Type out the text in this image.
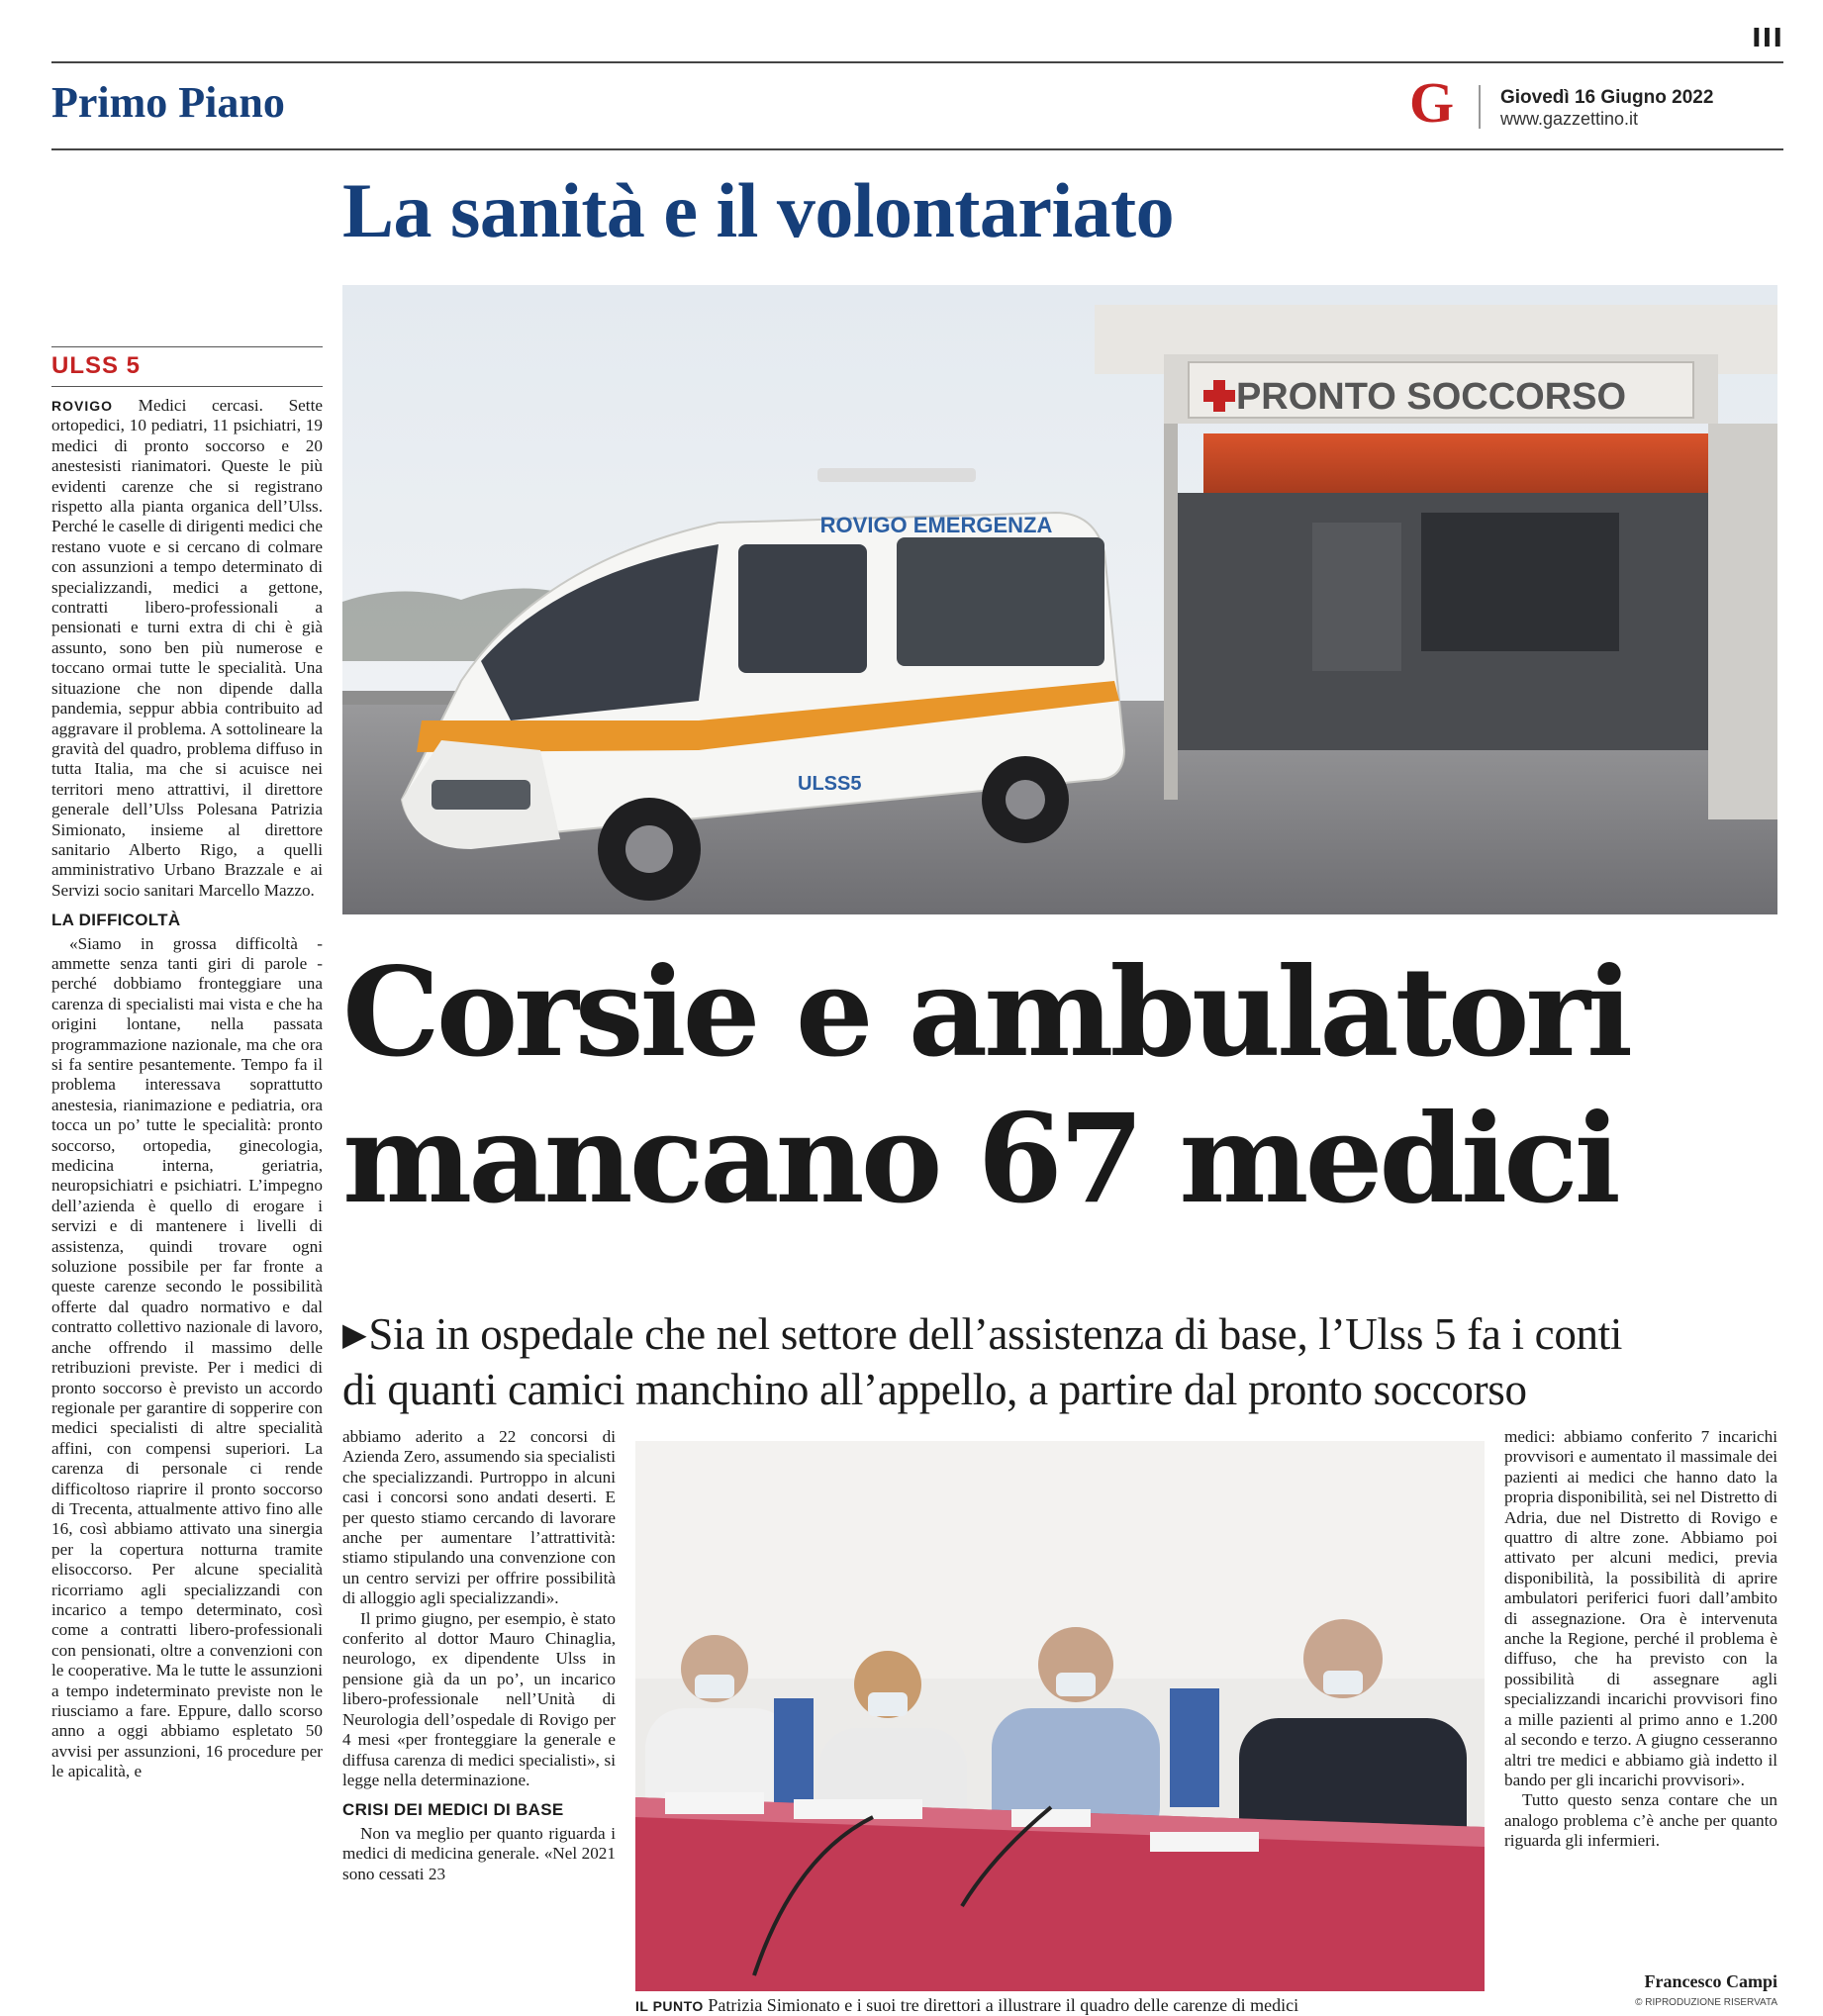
III
Primo Piano	G	Giovedì 16 Giugno 2022
www.gazzettino.it
La sanità e il volontariato
ULSS 5

ROVIGO Medici cercasi. Sette ortopedici, 10 pediatri, 11 psichiatri, 19 medici di pronto soccorso e 20 anestesisti rianimatori. Queste le più evidenti carenze che si registrano rispetto alla pianta organica dell’Ulss. Perché le caselle di dirigenti medici che restano vuote e si cercano di colmare con assunzioni a tempo determinato di specializzandi, medici a gettone, contratti libero-professionali a pensionati e turni extra di chi è già assunto, sono ben più numerose e toccano ormai tutte le specialità. Una situazione che non dipende dalla pandemia, seppur abbia contribuito ad aggravare il problema. A sottolineare la gravità del quadro, problema diffuso in tutta Italia, ma che si acuisce nei territori meno attrattivi, il direttore generale dell’Ulss Polesana Patrizia Simionato, insieme al direttore sanitario Alberto Rigo, a quelli amministrativo Urbano Brazzale e ai Servizi socio sanitari Marcello Mazzo.

LA DIFFICOLTÀ

«Siamo in grossa difficoltà - ammette senza tanti giri di parole - perché dobbiamo fronteggiare una carenza di specialisti mai vista e che ha origini lontane, nella passata programmazione nazionale, ma che ora si fa sentire pesantemente. Tempo fa il problema interessava soprattutto anestesia, rianimazione e pediatria, ora tocca un po’ tutte le specialità: pronto soccorso, ortopedia, ginecologia, medicina interna, geriatria, neuropsichiatri e psichiatri. L’impegno dell’azienda è quello di erogare i servizi e di mantenere i livelli di assistenza, quindi trovare ogni soluzione possibile per far fronte a queste carenze secondo le possibilità offerte dal quadro normativo e dal contratto collettivo nazionale di lavoro, anche offrendo il massimo delle retribuzioni previste. Per i medici di pronto soccorso è previsto un accordo regionale per garantire di sopperire con medici specialisti di altre specialità affini, con compensi superiori. La carenza di personale ci rende difficoltoso riaprire il pronto soccorso di Trecenta, attualmente attivo fino alle 16, così abbiamo attivato una sinergia per la copertura notturna tramite elisoccorso. Per alcune specialità ricorriamo agli specializzandi con incarico a tempo determinato, così come a contratti libero-professionali con pensionati, oltre a convenzioni con le cooperative. Ma le tutte le assunzioni a tempo indeterminato previste non le riusciamo a fare. Eppure, dallo scorso anno a oggi abbiamo espletato 50 avvisi per assunzioni, 16 procedure per le apicalità, e

PRONTO SOCCORSO
ROVIGO EMERGENZA
ULSS5
Corsie e ambulatori
mancano 67 medici
▶Sia in ospedale che nel settore dell’assistenza di base, l’Ulss 5 fa i conti
di quanti camici manchino all’appello, a partire dal pronto soccorso

abbiamo aderito a 22 concorsi di Azienda Zero, assumendo sia specialisti che specializzandi. Purtroppo in alcuni casi i concorsi sono andati deserti. E per questo stiamo cercando di lavorare anche per aumentare l’attrattività: stiamo stipulando una convenzione con un centro servizi per offrire possibilità di alloggio agli specializzandi».

Il primo giugno, per esempio, è stato conferito al dottor Mauro Chinaglia, neurologo, ex dipendente Ulss in pensione già da un po’, un incarico libero-professionale nell’Unità di Neurologia dell’ospedale di Rovigo per 4 mesi «per fronteggiare la generale e diffusa carenza di medici specialisti», si legge nella determinazione.

CRISI DEI MEDICI DI BASE

Non va meglio per quanto riguarda i medici di medicina generale. «Nel 2021 sono cessati 23

IL PUNTO Patrizia Simionato e i suoi tre direttori a illustrare il quadro delle carenze di medici

medici: abbiamo conferito 7 incarichi provvisori e aumentato il massimale dei pazienti ai medici che hanno dato la propria disponibilità, sei nel Distretto di Adria, due nel Distretto di Rovigo e quattro di altre zone. Abbiamo poi attivato per alcuni medici, previa disponibilità, la possibilità di aprire ambulatori periferici fuori dall’ambito di assegnazione. Ora è intervenuta anche la Regione, perché il problema è diffuso, che ha previsto con la possibilità di assegnare agli specializzandi incarichi provvisori fino a mille pazienti al primo anno e 1.200 al secondo e terzo. A giugno cesseranno altri tre medici e abbiamo già indetto il bando per gli incarichi provvisori».

Tutto questo senza contare che un analogo problema c’è anche per quanto riguarda gli infermieri.

Francesco Campi
© RIPRODUZIONE RISERVATA
